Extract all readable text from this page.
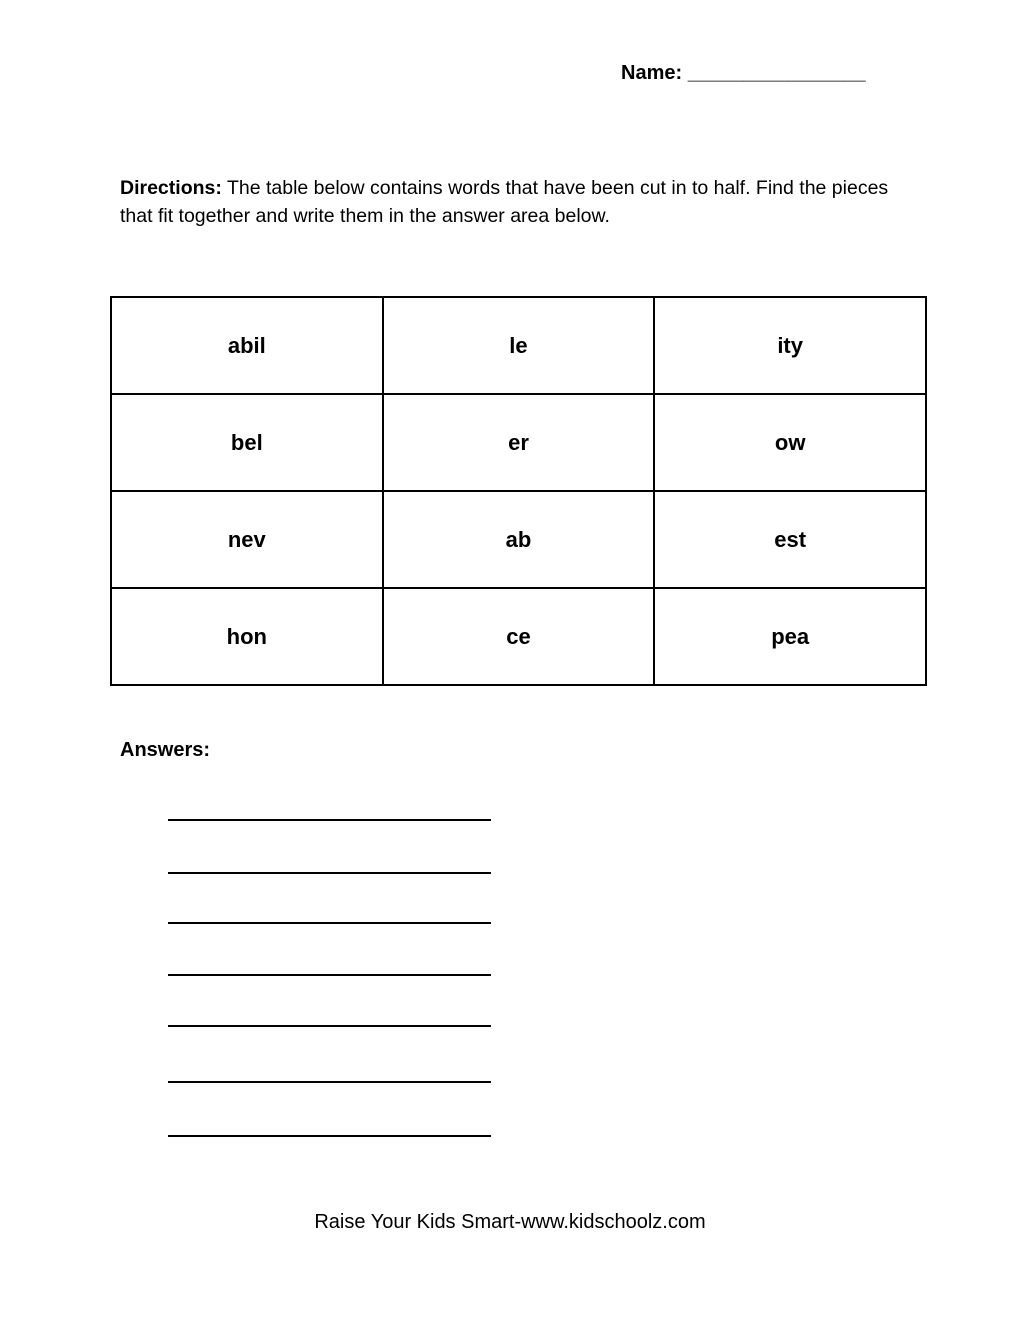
Name: ________________
Directions: The table below contains words that have been cut in to half. Find the pieces that fit together and write them in the answer area below.
abil	le	ity
bel	er	ow
nev	ab	est
hon	ce	pea
Answers:
Raise Your Kids Smart-www.kidschoolz.com
